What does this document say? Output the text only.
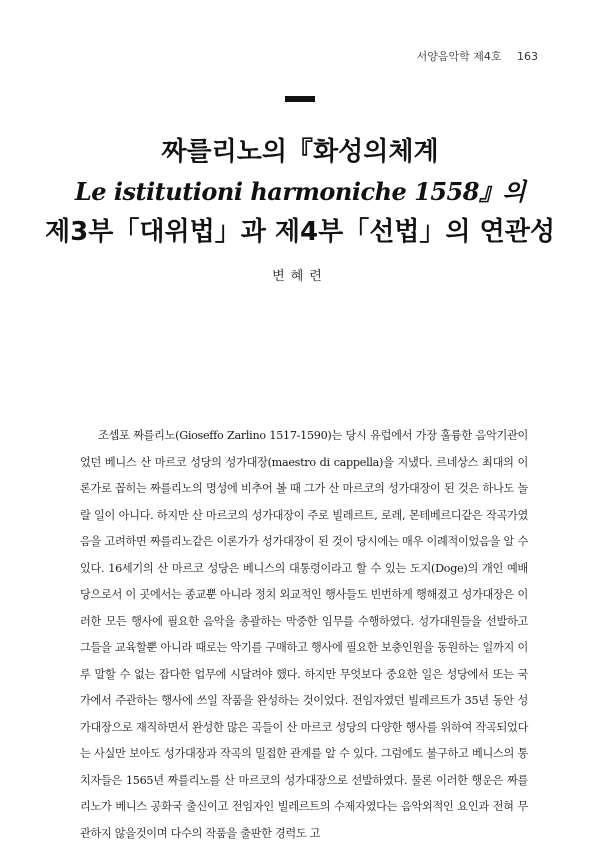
서양음악학 제4호 163
짜를리노의『화성의체계
Le istitutioni harmoniche 1558』의
제3부「대위법」과 제4부「선법」의 연관성
변혜련

조셉포 짜를리노(Gioseffo Zarlino 1517-1590)는 당시 유럽에서 가장 훌륭한 음악기관이었던 베니스 산 마르코 성당의 성가대장(maestro di cappella)을 지냈다. 르네상스 최대의 이론가로 꼽히는 짜를리노의 명성에 비추어 볼 때 그가 산 마르코의 성가대장이 된 것은 하나도 놀랄 일이 아니다. 하지만 산 마르코의 성가대장이 주로 빌레르트, 로레, 몬테베르디같은 작곡가였음을 고려하면 짜를리노같은 이론가가 성가대장이 된 것이 당시에는 매우 이례적이었음을 알 수 있다. 16세기의 산 마르코 성당은 베니스의 대통령이라고 할 수 있는 도지(Doge)의 개인 예배당으로서 이 곳에서는 종교뿐 아니라 정치 외교적인 행사들도 빈번하게 행해졌고 성가대장은 이러한 모든 행사에 필요한 음악을 총괄하는 막중한 임무를 수행하였다. 성가대원들을 선발하고 그들을 교육할뿐 아니라 때로는 악기를 구매하고 행사에 필요한 보충인원을 동원하는 일까지 이루 말할 수 없는 잡다한 업무에 시달려야 했다. 하지만 무엇보다 중요한 일은 성당에서 또는 국가에서 주관하는 행사에 쓰일 작품을 완성하는 것이었다. 전임자였던 빌레르트가 35년 동안 성가대장으로 재직하면서 완성한 많은 곡들이 산 마르코 성당의 다양한 행사를 위하여 작곡되었다는 사실만 보아도 성가대장과 작곡의 밀접한 관계를 알 수 있다. 그럼에도 불구하고 베니스의 통치자들은 1565년 짜를리노를 산 마르코의 성가대장으로 선발하였다. 물론 이러한 행운은 짜를리노가 베니스 공화국 출신이고 전임자인 빌레르트의 수제자였다는 음악외적인 요인과 전혀 무관하지 않을것이며 다수의 작품을 출판한 경력도 고
